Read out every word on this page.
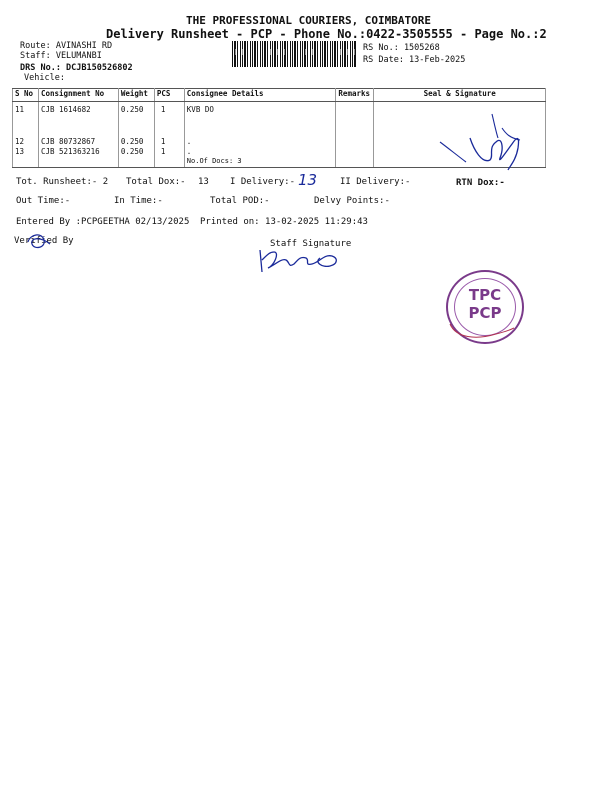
THE PROFESSIONAL COURIERS, COIMBATORE
Delivery Runsheet - PCP - Phone No.:0422-3505555 - Page No.:2
Route: AVINASHI RD
Staff: VELUMANBI
DRS No.: DCJB150526802
Vehicle:
RS No.: 1505268
RS Date: 13-Feb-2025
S No	Consignment No	Weight	PCS	Consignee Details	Remarks	Seal & Signature
11	CJB 1614682	0.250	1	KVB DO		

12	CJB 80732867	0.250	1	.		
13	CJB 521363216	0.250	1	.		
				No.Of Docs: 3		
Tot. Runsheet:- 2 Total Dox:- 13 I Delivery:- 13	II Delivery:-	RTN Dox:-
Out Time:-	In Time:-	Total POD:-	Delvy Points:-
Entered By :PCPGEETHA 02/13/2025 Printed on: 13-02-2025 11:29:43
Verified By	Staff Signature
TPC
PCP
